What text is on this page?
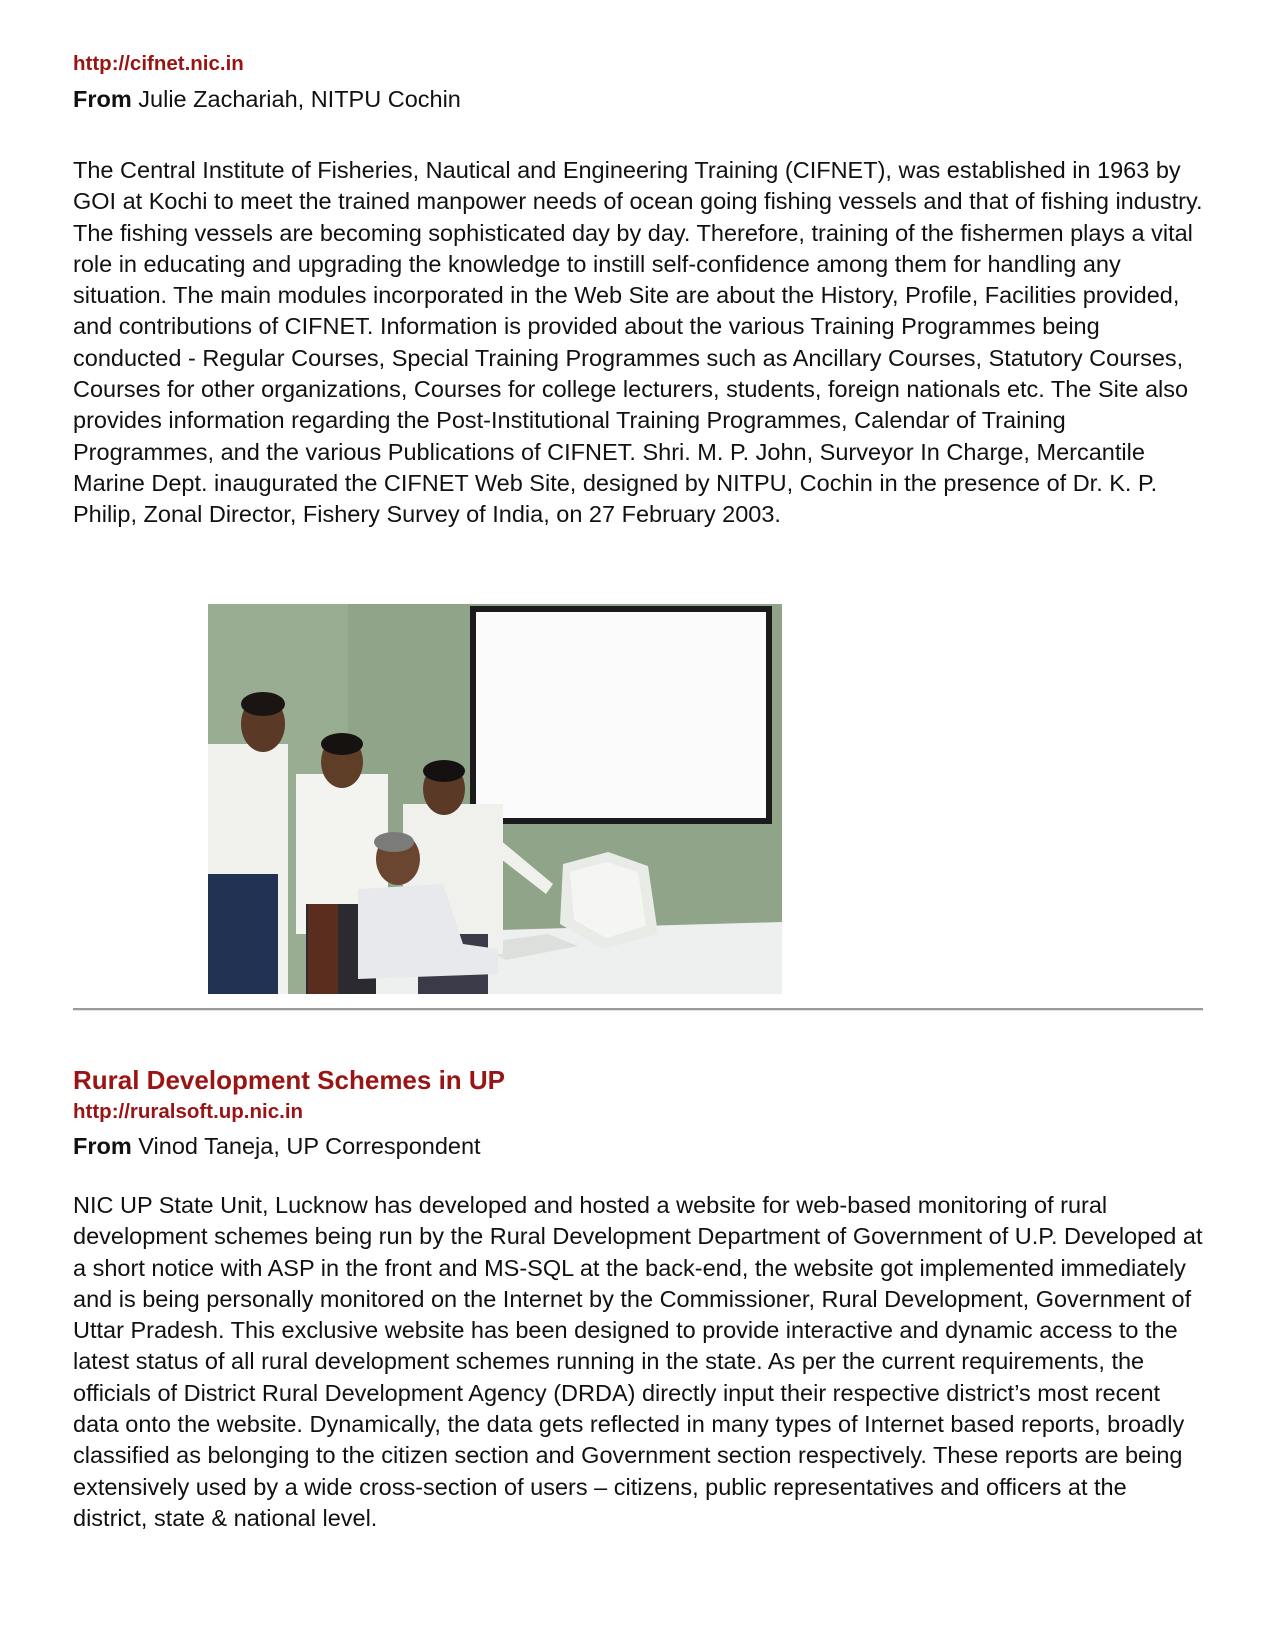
http://cifnet.nic.in
From Julie Zachariah, NITPU Cochin

The Central Institute of Fisheries, Nautical and Engineering Training (CIFNET), was established in 1963 by GOI at Kochi to meet the trained manpower needs of ocean going fishing vessels and that of fishing industry. The fishing vessels are becoming sophisticated day by day. Therefore, training of the fishermen plays a vital role in educating and upgrading the knowledge to instill self-confidence among them for handling any situation. The main modules incorporated in the Web Site are about the History, Profile, Facilities provided, and contributions of CIFNET. Information is provided about the various Training Programmes being conducted - Regular Courses, Special Training Programmes such as Ancillary Courses, Statutory Courses, Courses for other organizations, Courses for college lecturers, students, foreign nationals etc. The Site also provides information regarding the Post-Institutional Training Programmes, Calendar of Training Programmes, and the various Publications of CIFNET. Shri. M. P. John, Surveyor In Charge, Mercantile Marine Dept. inaugurated the CIFNET Web Site, designed by NITPU, Cochin in the presence of Dr. K. P. Philip, Zonal Director, Fishery Survey of India, on 27 February 2003.

Rural Development Schemes in UP
http://ruralsoft.up.nic.in
From Vinod Taneja, UP Correspondent

NIC UP State Unit, Lucknow has developed and hosted a website for web-based monitoring of rural development schemes being run by the Rural Development Department of Government of U.P. Developed at a short notice with ASP in the front and MS-SQL at the back-end, the website got implemented immediately and is being personally monitored on the Internet by the Commissioner, Rural Development, Government of Uttar Pradesh. This exclusive website has been designed to provide interactive and dynamic access to the latest status of all rural development schemes running in the state. As per the current requirements, the officials of District Rural Development Agency (DRDA) directly input their respective district’s most recent data onto the website. Dynamically, the data gets reflected in many types of Internet based reports, broadly classified as belonging to the citizen section and Government section respectively. These reports are being extensively used by a wide cross-section of users – citizens, public representatives and officers at the district, state & national level.
